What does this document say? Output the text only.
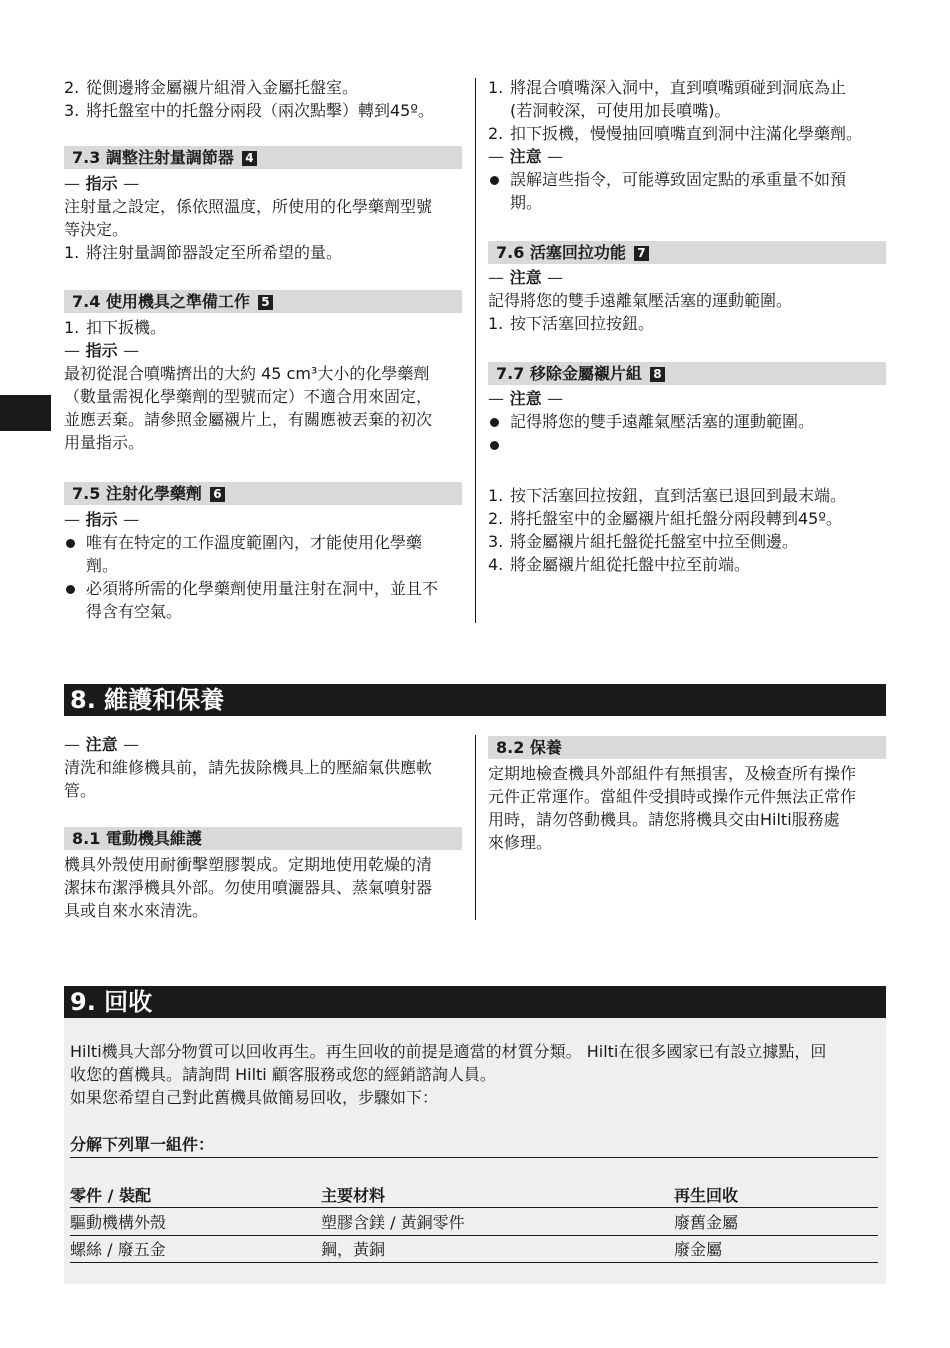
2. 從側邊將金屬襯片組滑入金屬托盤室。
3. 將托盤室中的托盤分兩段（兩次點擊）轉到45º。
7.3 調整注射量調節器 4
— 指示 —
注射量之設定，係依照溫度，所使用的化學藥劑型號
等決定。
1. 將注射量調節器設定至所希望的量。
7.4 使用機具之準備工作 5
1. 扣下扳機。
— 指示 —
最初從混合噴嘴擠出的大約 45 cm³大小的化學藥劑
（數量需視化學藥劑的型號而定）不適合用來固定，
並應丟棄。請參照金屬襯片上，有關應被丟棄的初次
用量指示。
7.5 注射化學藥劑 6
— 指示 —
唯有在特定的工作溫度範圍內，才能使用化學藥
劑。
必須將所需的化學藥劑使用量注射在洞中，並且不
得含有空氣。
1. 將混合噴嘴深入洞中，直到噴嘴頭碰到洞底為止
(若洞較深，可使用加長噴嘴)。
2. 扣下扳機，慢慢抽回噴嘴直到洞中注滿化學藥劑。
— 注意 —
誤解這些指令，可能導致固定點的承重量不如預
期。
7.6 活塞回拉功能 7
— 注意 —
記得將您的雙手遠離氣壓活塞的運動範圍。
1. 按下活塞回拉按鈕。
7.7 移除金屬襯片組 8
— 注意 —
記得將您的雙手遠離氣壓活塞的運動範圍。
1. 按下活塞回拉按鈕，直到活塞已退回到最末端。
2. 將托盤室中的金屬襯片組托盤分兩段轉到45º。
3. 將金屬襯片組托盤從托盤室中拉至側邊。
4. 將金屬襯片組從托盤中拉至前端。
8. 維護和保養
— 注意 —
清洗和維修機具前，請先拔除機具上的壓縮氣供應軟
管。
8.1 電動機具維護
機具外殼使用耐衝擊塑膠製成。定期地使用乾燥的清
潔抹布潔淨機具外部。勿使用噴灑器具、蒸氣噴射器
具或自來水來清洗。
8.2 保養
定期地檢查機具外部組件有無損害，及檢查所有操作
元件正常運作。當組件受損時或操作元件無法正常作
用時，請勿啓動機具。請您將機具交由Hilti服務處
來修理。
9. 回收
Hilti機具大部分物質可以回收再生。再生回收的前提是適當的材質分類。 Hilti在很多國家已有設立據點，回
收您的舊機具。請詢問 Hilti 顧客服務或您的經銷諮詢人員。
如果您希望自己對此舊機具做簡易回收，步驟如下：
分解下列單一組件：
零件 / 裝配	主要材料	再生回收
驅動機構外殼	塑膠含鎂 / 黃銅零件	廢舊金屬
螺絲 / 廢五金	鋼，黃銅	廢金屬
